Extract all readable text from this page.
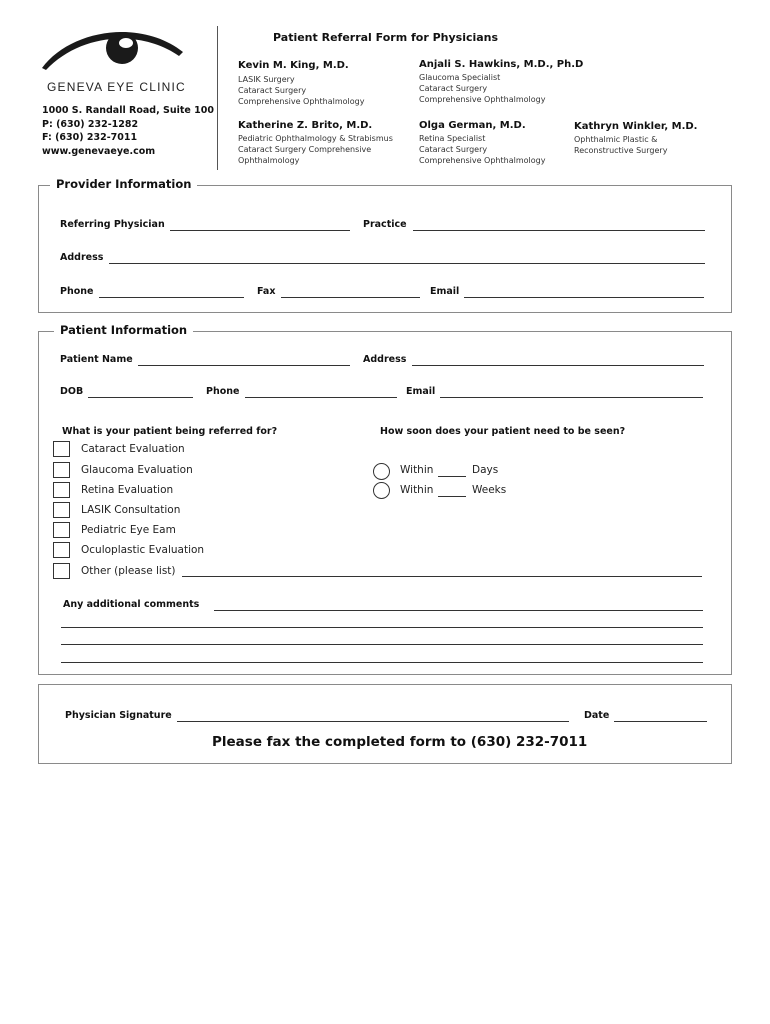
GENEVA EYE CLINIC
1000 S. Randall Road, Suite 100
P: (630) 232-1282
F: (630) 232-7011
www.genevaeye.com
Patient Referral Form for Physicians
Kevin M. King, M.D.
LASIK Surgery
Cataract Surgery
Comprehensive Ophthalmology
Anjali S. Hawkins, M.D., Ph.D
Glaucoma Specialist
Cataract Surgery
Comprehensive Ophthalmology
Katherine Z. Brito, M.D.
Pediatric Ophthalmology & Strabismus
Cataract Surgery Comprehensive
Ophthalmology
Olga German, M.D.
Retina Specialist
Cataract Surgery
Comprehensive Ophthalmology
Kathryn Winkler, M.D.
Ophthalmic Plastic &
Reconstructive Surgery
Provider Information
Referring Physician	Practice
Address
Phone	Fax	Email
Patient Information
Patient Name	Address
DOB	Phone	Email
What is your patient being referred for?	How soon does your patient need to be seen?
Cataract Evaluation
Glaucoma Evaluation
Retina Evaluation
LASIK Consultation
Pediatric Eye Eam
Oculoplastic Evaluation
Other (please list)
Within	Days
Within	Weeks
Any additional comments
Physician Signature	Date
Please fax the completed form to (630) 232-7011
